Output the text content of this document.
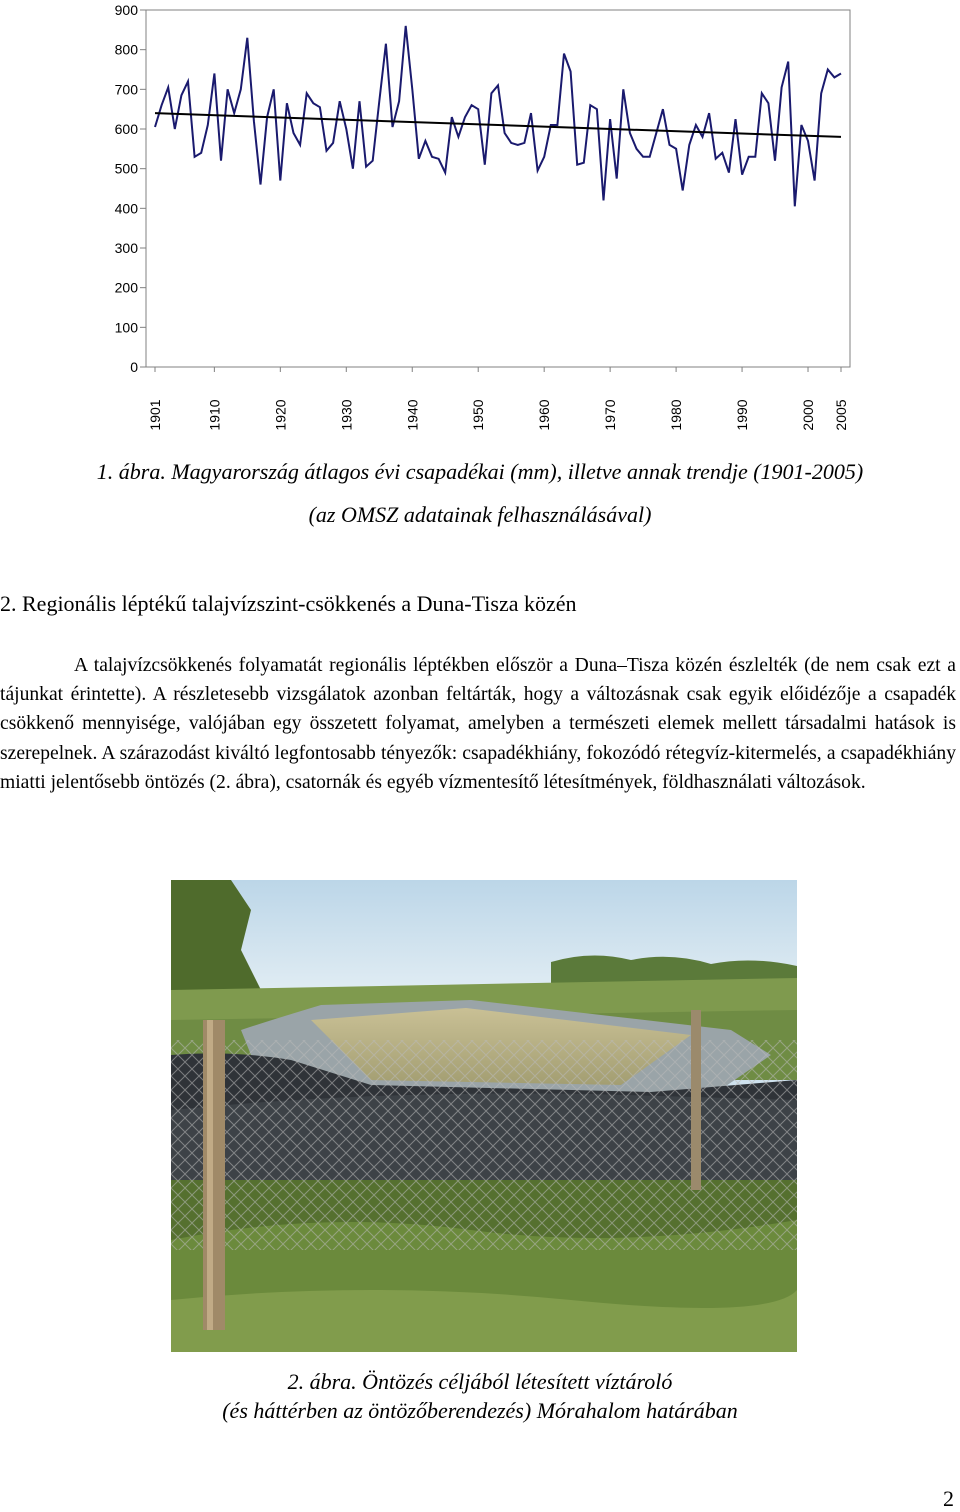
0
100
200
300
400
500
600
700
800
900
1901	1910	1920	1930	1940	1950	1960	1970	1980	1990	2000 2005
1. ábra. Magyarország átlagos évi csapadékai (mm), illetve annak trendje (1901-2005)
(az OMSZ adatainak felhasználásával)
2. Regionális léptékű talajvízszint-csökkenés a Duna-Tisza közén

A talajvízcsökkenés folyamatát regionális léptékben először a Duna–Tisza közén észlelték (de nem csak ezt a tájunkat érintette). A részletesebb vizsgálatok azonban feltárták, hogy a változásnak csak egyik előidézője a csapadék csökkenő mennyisége, valójában egy összetett folyamat, amelyben a természeti elemek mellett társadalmi hatások is szerepelnek. A szárazodást kiváltó legfontosabb tényezők: csapadékhiány, fokozódó rétegvíz-kitermelés, a csapadékhiány miatti jelentősebb öntözés (2. ábra), csatornák és egyéb vízmentesítő létesítmények, földhasználati változások.

2. ábra. Öntözés céljából létesített víztároló
(és háttérben az öntözőberendezés) Mórahalom határában
2
